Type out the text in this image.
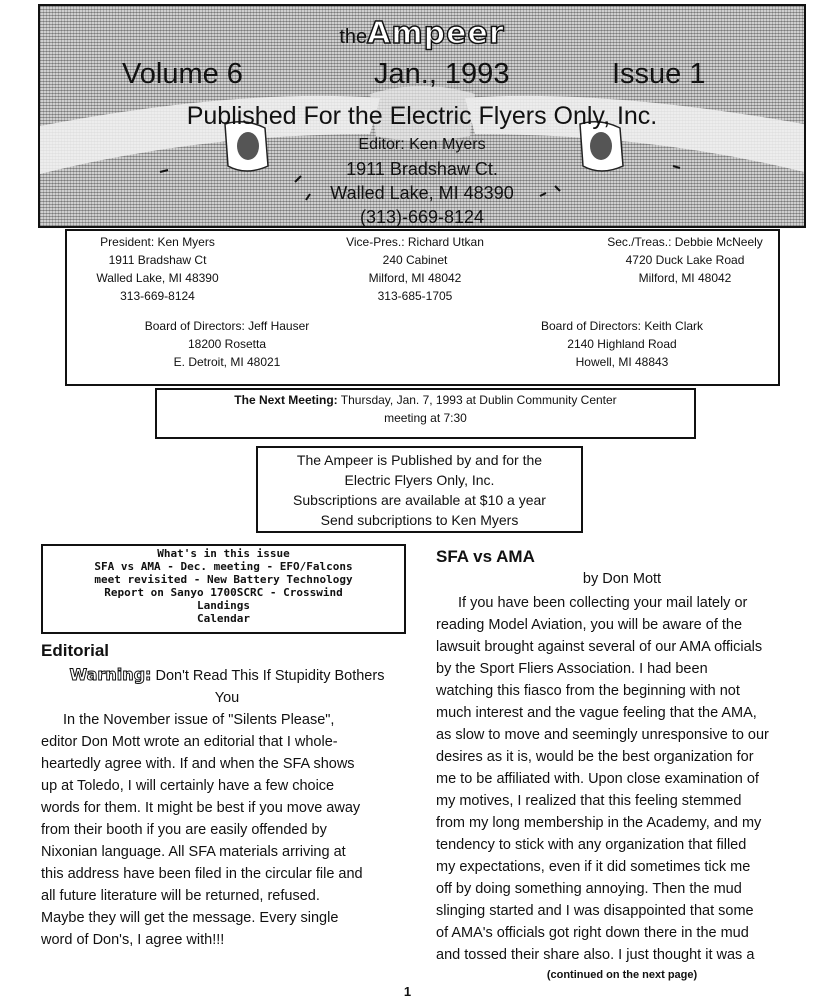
theAmpeer
Volume 6	Jan., 1993	Issue 1
Published For the Electric Flyers Only, Inc.
Editor: Ken Myers
1911 Bradshaw Ct.
Walled Lake, MI 48390
(313)-669-8124
President: Ken Myers
1911 Bradshaw Ct
Walled Lake, MI 48390
313-669-8124
Vice-Pres.: Richard Utkan
240 Cabinet
Milford, MI 48042
313-685-1705
Sec./Treas.: Debbie McNeely
4720 Duck Lake Road
Milford, MI 48042
Board of Directors: Jeff Hauser
18200 Rosetta
E. Detroit, MI 48021
Board of Directors: Keith Clark
2140 Highland Road
Howell, MI 48843
The Next Meeting: Thursday, Jan. 7, 1993 at Dublin Community Center
meeting at 7:30
The Ampeer is Published by and for the
Electric Flyers Only, Inc.
Subscriptions are available at $10 a year
Send subcriptions to Ken Myers
What's in this issue
SFA vs AMA - Dec. meeting - EFO/Falcons
meet revisited - New Battery Technology
Report on Sanyo 1700SCRC - Crosswind
Landings
Calendar

Editorial

Warning: Don't Read This If Stupidity Bothers

You

In the November issue of "Silents Please",

editor Don Mott wrote an editorial that I whole-

heartedly agree with. If and when the SFA shows

up at Toledo, I will certainly have a few choice

words for them. It might be best if you move away

from their booth if you are easily offended by

Nixonian language. All SFA materials arriving at

this address have been filed in the circular file and

all future literature will be returned, refused.

Maybe they will get the message. Every single

word of Don's, I agree with!!!

SFA vs AMA

by Don Mott

If you have been collecting your mail lately or

reading Model Aviation, you will be aware of the

lawsuit brought against several of our AMA officials

by the Sport Fliers Association. I had been

watching this fiasco from the beginning with not

much interest and the vague feeling that the AMA,

as slow to move and seemingly unresponsive to our

desires as it is, would be the best organization for

me to be affiliated with. Upon close examination of

my motives, I realized that this feeling stemmed

from my long membership in the Academy, and my

tendency to stick with any organization that filled

my expectations, even if it did sometimes tick me

off by doing something annoying. Then the mud

slinging started and I was disappointed that some

of AMA's officials got right down there in the mud

and tossed their share also. I just thought it was a

(continued on the next page)

1
